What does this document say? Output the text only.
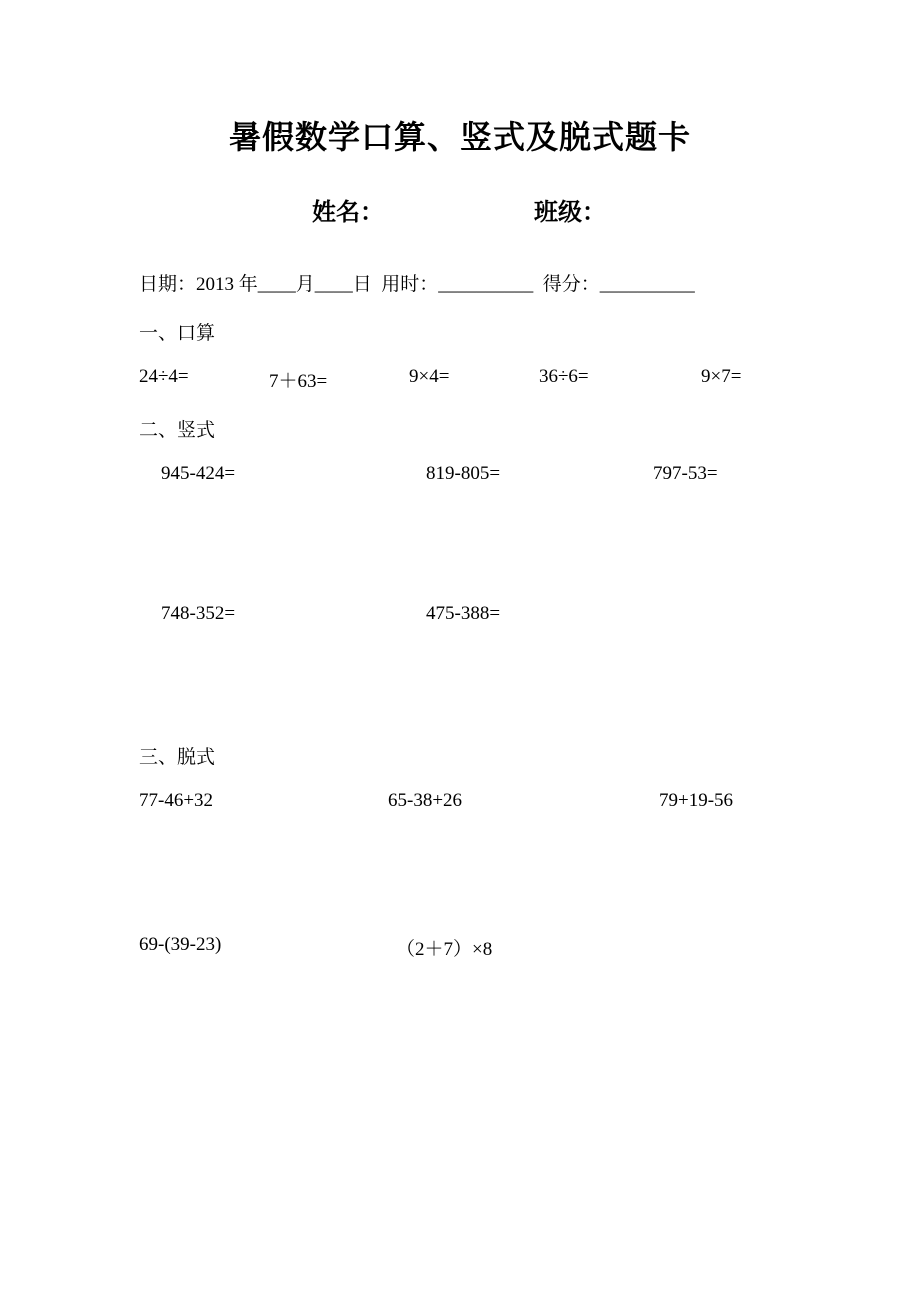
暑假数学口算、竖式及脱式题卡
姓名：	班级：
日期：2013 年____月____日  用时：__________  得分：__________
一、口算
24÷4=	7＋63=	9×4=	36÷6=	9×7=
二、竖式
945-424=	819-805=	797-53=
748-352=	475-388=
三、脱式
77-46+32	65-38+26	79+19-56
69-(39-23)	（2＋7）×8
